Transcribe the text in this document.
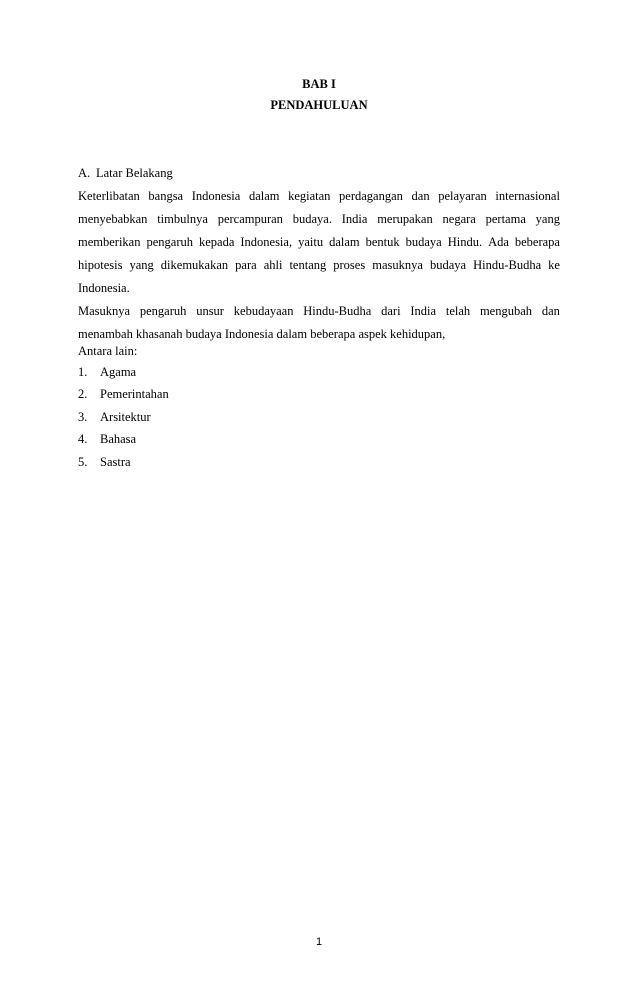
BAB I
PENDAHULUAN
A. Latar Belakang
Keterlibatan bangsa Indonesia dalam kegiatan perdagangan dan pelayaran internasional
menyebabkan timbulnya percampuran budaya. India merupakan negara pertama yang
memberikan pengaruh kepada Indonesia, yaitu dalam bentuk budaya Hindu. Ada beberapa
hipotesis yang dikemukakan para ahli tentang proses masuknya budaya Hindu-Budha ke
Indonesia.
Masuknya pengaruh unsur kebudayaan Hindu-Budha dari India telah mengubah dan
menambah khasanah budaya Indonesia dalam beberapa aspek kehidupan,
Antara lain:
1.	Agama
2.	Pemerintahan
3.	Arsitektur
4.	Bahasa
5.	Sastra
1
